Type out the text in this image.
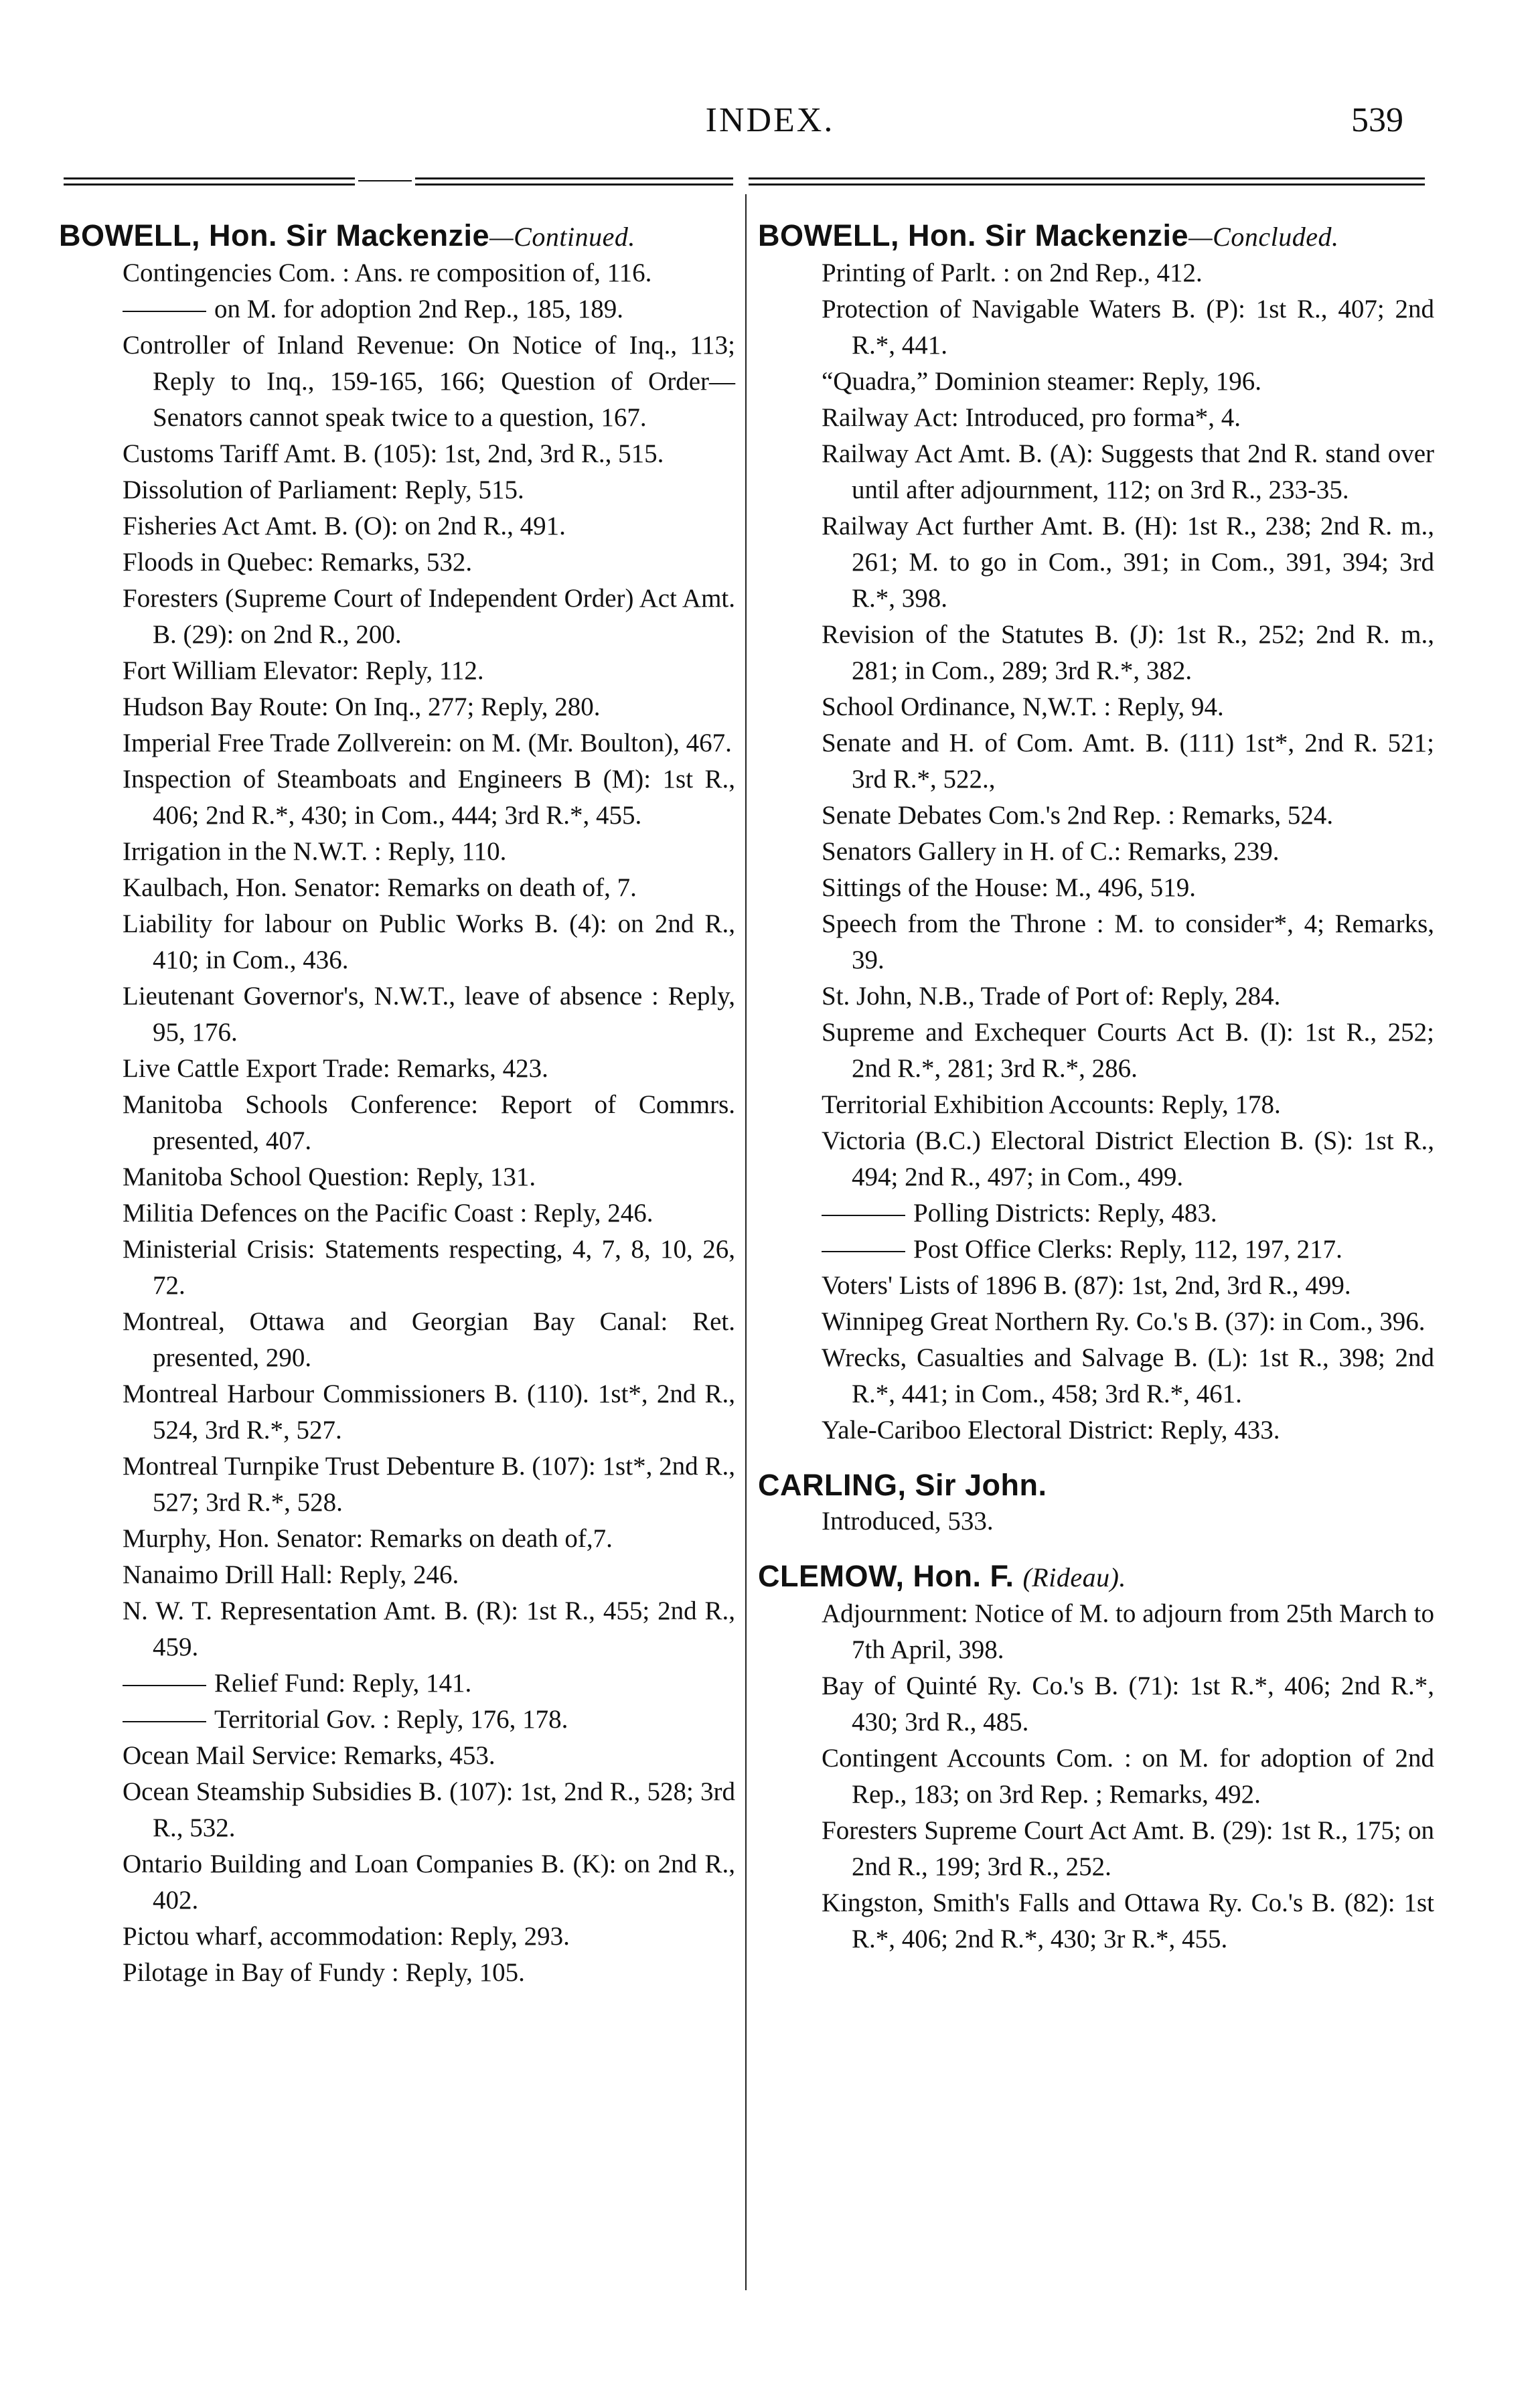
INDEX.	539

BOWELL, Hon. Sir Mackenzie—Continued.

Contingencies Com. : Ans. re composition of, 116.

on M. for adoption 2nd Rep., 185, 189.

Controller of Inland Revenue: On Notice of Inq., 113; Reply to Inq., 159-165, 166; Question of Order—Senators cannot speak twice to a question, 167.

Customs Tariff Amt. B. (105): 1st, 2nd, 3rd R., 515.

Dissolution of Parliament: Reply, 515.

Fisheries Act Amt. B. (O): on 2nd R., 491.

Floods in Quebec: Remarks, 532.

Foresters (Supreme Court of Independent Order) Act Amt. B. (29): on 2nd R., 200.

Fort William Elevator: Reply, 112.

Hudson Bay Route: On Inq., 277; Reply, 280.

Imperial Free Trade Zollverein: on M. (Mr. Boulton), 467.

Inspection of Steamboats and Engineers B (M): 1st R., 406; 2nd R.*, 430; in Com., 444; 3rd R.*, 455.

Irrigation in the N.W.T. : Reply, 110.

Kaulbach, Hon. Senator: Remarks on death of, 7.

Liability for labour on Public Works B. (4): on 2nd R., 410; in Com., 436.

Lieutenant Governor's, N.W.T., leave of absence : Reply, 95, 176.

Live Cattle Export Trade: Remarks, 423.

Manitoba Schools Conference: Report of Commrs. presented, 407.

Manitoba School Question: Reply, 131.

Militia Defences on the Pacific Coast : Reply, 246.

Ministerial Crisis: Statements respecting, 4, 7, 8, 10, 26, 72.

Montreal, Ottawa and Georgian Bay Canal: Ret. presented, 290.

Montreal Harbour Commissioners B. (110). 1st*, 2nd R., 524, 3rd R.*, 527.

Montreal Turnpike Trust Debenture B. (107): 1st*, 2nd R., 527; 3rd R.*, 528.

Murphy, Hon. Senator: Remarks on death of,7.

Nanaimo Drill Hall: Reply, 246.

N. W. T. Representation Amt. B. (R): 1st R., 455; 2nd R., 459.

Relief Fund: Reply, 141.

Territorial Gov. : Reply, 176, 178.

Ocean Mail Service: Remarks, 453.

Ocean Steamship Subsidies B. (107): 1st, 2nd R., 528; 3rd R., 532.

Ontario Building and Loan Companies B. (K): on 2nd R., 402.

Pictou wharf, accommodation: Reply, 293.

Pilotage in Bay of Fundy : Reply, 105.

BOWELL, Hon. Sir Mackenzie—Concluded.

Printing of Parlt. : on 2nd Rep., 412.

Protection of Navigable Waters B. (P): 1st R., 407; 2nd R.*, 441.

“Quadra,” Dominion steamer: Reply, 196.

Railway Act: Introduced, pro forma*, 4.

Railway Act Amt. B. (A): Suggests that 2nd R. stand over until after adjournment, 112; on 3rd R., 233-35.

Railway Act further Amt. B. (H): 1st R., 238; 2nd R. m., 261; M. to go in Com., 391; in Com., 391, 394; 3rd R.*, 398.

Revision of the Statutes B. (J): 1st R., 252; 2nd R. m., 281; in Com., 289; 3rd R.*, 382.

School Ordinance, N,W.T. : Reply, 94.

Senate and H. of Com. Amt. B. (111) 1st*, 2nd R. 521; 3rd R.*, 522.,

Senate Debates Com.'s 2nd Rep. : Remarks, 524.

Senators Gallery in H. of C.: Remarks, 239.

Sittings of the House: M., 496, 519.

Speech from the Throne : M. to consider*, 4; Remarks, 39.

St. John, N.B., Trade of Port of: Reply, 284.

Supreme and Exchequer Courts Act B. (I): 1st R., 252; 2nd R.*, 281; 3rd R.*, 286.

Territorial Exhibition Accounts: Reply, 178.

Victoria (B.C.) Electoral District Election B. (S): 1st R., 494; 2nd R., 497; in Com., 499.

Polling Districts: Reply, 483.

Post Office Clerks: Reply, 112, 197, 217.

Voters' Lists of 1896 B. (87): 1st, 2nd, 3rd R., 499.

Winnipeg Great Northern Ry. Co.'s B. (37): in Com., 396.

Wrecks, Casualties and Salvage B. (L): 1st R., 398; 2nd R.*, 441; in Com., 458; 3rd R.*, 461.

Yale-Cariboo Electoral District: Reply, 433.

CARLING, Sir John.

Introduced, 533.

CLEMOW, Hon. F. (Rideau).

Adjournment: Notice of M. to adjourn from 25th March to 7th April, 398.

Bay of Quinté Ry. Co.'s B. (71): 1st R.*, 406; 2nd R.*, 430; 3rd R., 485.

Contingent Accounts Com. : on M. for adoption of 2nd Rep., 183; on 3rd Rep. ; Remarks, 492.

Foresters Supreme Court Act Amt. B. (29): 1st R., 175; on 2nd R., 199; 3rd R., 252.

Kingston, Smith's Falls and Ottawa Ry. Co.'s B. (82): 1st R.*, 406; 2nd R.*, 430; 3r R.*, 455.
